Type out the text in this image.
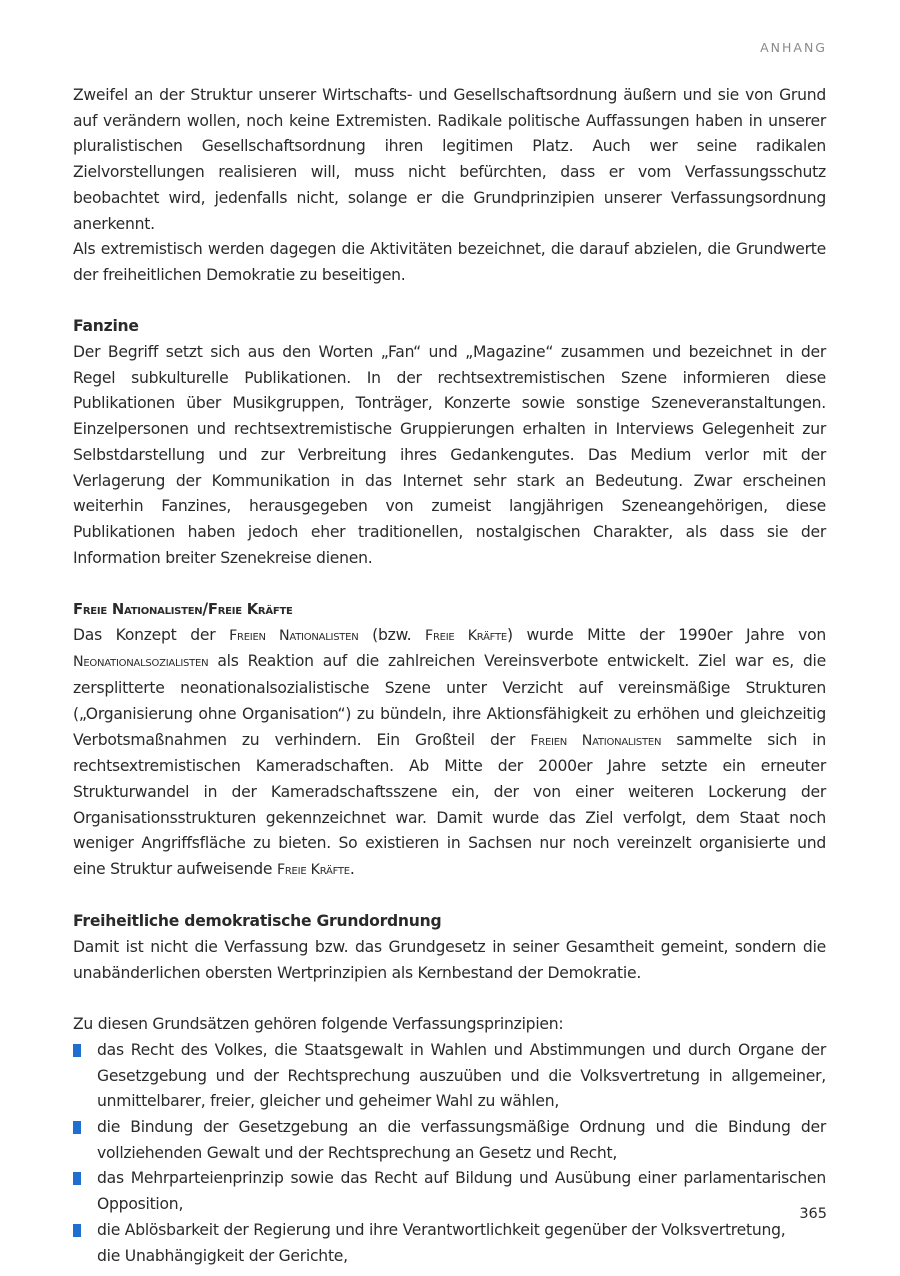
ANHANG

Zweifel an der Struktur unserer Wirtschafts- und Gesellschaftsordnung äußern und sie von Grund auf verändern wollen, noch keine Extremisten. Radikale politische Auffassungen haben in unserer pluralistischen Gesellschaftsordnung ihren legitimen Platz. Auch wer seine radikalen Zielvorstellungen realisieren will, muss nicht befürchten, dass er vom Verfassungsschutz beobachtet wird, jedenfalls nicht, solange er die Grundprinzipien unserer Verfassungsordnung anerkennt.

Als extremistisch werden dagegen die Aktivitäten bezeichnet, die darauf abzielen, die Grundwerte der freiheitlichen Demokratie zu beseitigen.

Fanzine

Der Begriff setzt sich aus den Worten „Fan“ und „Magazine“ zusammen und bezeichnet in der Regel subkulturelle Publikationen. In der rechtsextremistischen Szene informieren diese Publikationen über Musikgruppen, Tonträger, Konzerte sowie sonstige Szeneveranstaltungen. Einzelpersonen und rechtsextremistische Gruppierungen erhalten in Interviews Gelegenheit zur Selbstdarstellung und zur Verbreitung ihres Gedankengutes. Das Medium verlor mit der Verlagerung der Kommunikation in das Internet sehr stark an Bedeutung. Zwar erscheinen weiterhin Fanzines, herausgegeben von zumeist langjährigen Szeneangehörigen, diese Publikationen haben jedoch eher traditionellen, nostalgischen Charakter, als dass sie der Information breiter Szenekreise dienen.

Freie Nationalisten/Freie Kräfte

Das Konzept der Freien Nationalisten (bzw. Freie Kräfte) wurde Mitte der 1990er Jahre von Neonationalsozialisten als Reaktion auf die zahlreichen Vereinsverbote entwickelt. Ziel war es, die zersplitterte neonationalsozialistische Szene unter Verzicht auf vereinsmäßige Strukturen („Organisierung ohne Organisation“) zu bündeln, ihre Aktionsfähigkeit zu erhöhen und gleichzeitig Verbotsmaßnahmen zu verhindern. Ein Großteil der Freien Nationalisten sammelte sich in rechtsextremistischen Kameradschaften. Ab Mitte der 2000er Jahre setzte ein erneuter Strukturwandel in der Kameradschaftsszene ein, der von einer weiteren Lockerung der Organisationsstrukturen gekennzeichnet war. Damit wurde das Ziel verfolgt, dem Staat noch weniger Angriffsfläche zu bieten. So existieren in Sachsen nur noch vereinzelt organisierte und eine Struktur aufweisende Freie Kräfte.

Freiheitliche demokratische Grundordnung

Damit ist nicht die Verfassung bzw. das Grundgesetz in seiner Gesamtheit gemeint, sondern die unabänderlichen obersten Wertprinzipien als Kernbestand der Demokratie.

Zu diesen Grundsätzen gehören folgende Verfassungsprinzipien:

das Recht des Volkes, die Staatsgewalt in Wahlen und Abstimmungen und durch Organe der Gesetzgebung und der Rechtsprechung auszuüben und die Volksvertretung in allgemeiner, unmittelbarer, freier, gleicher und geheimer Wahl zu wählen,
die Bindung der Gesetzgebung an die verfassungsmäßige Ordnung und die Bindung der vollziehenden Gewalt und der Rechtsprechung an Gesetz und Recht,
das Mehrparteienprinzip sowie das Recht auf Bildung und Ausübung einer parlamentarischen Opposition,
die Ablösbarkeit der Regierung und ihre Verantwortlichkeit gegenüber der Volksvertretung,
die Unabhängigkeit der Gerichte,
365
